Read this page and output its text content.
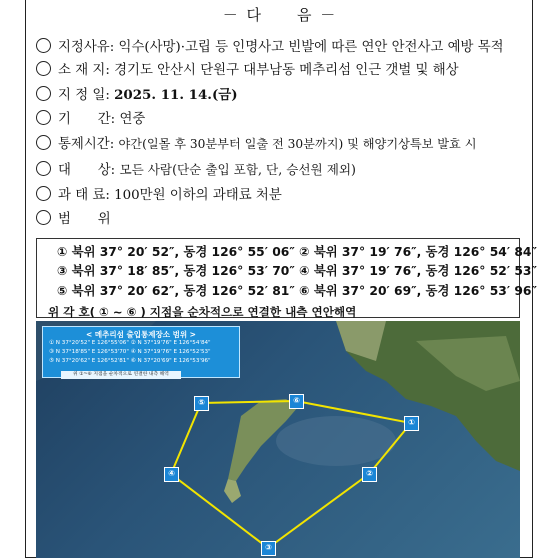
－ 다　　음 －
지정사유: 익수(사망)·고립 등 인명사고 빈발에 따른 연안 안전사고 예방 목적
소 재 지: 경기도 안산시 단원구 대부남동 메추리섬 인근 갯벌 및 해상
지 정 일: 2025. 11. 14.(금)
기　　간: 연중
통제시간: 야간(일몰 후 30분부터 일출 전 30분까지) 및 해양기상특보 발효 시
대　　상: 모든 사람(단순 출입 포함, 단, 승선원 제외)
과 태 료: 100만원 이하의 과태료 처분
범　　위
① 북위 37° 20′ 52″, 동경 126° 55′ 06″ ② 북위 37° 19′ 76″, 동경 126° 54′ 84″
③ 북위 37° 18′ 85″, 동경 126° 53′ 70″ ④ 북위 37° 19′ 76″, 동경 126° 52′ 53″
⑤ 북위 37° 20′ 62″, 동경 126° 52′ 81″ ⑥ 북위 37° 20′ 69″, 동경 126° 53′ 96″
위 각 호( ① ~ ⑥ ) 지점을 순차적으로 연결한 내측 연안해역
< 메추리섬 출입통제장소 범위 >
① N 37°20'52" E 126°55'06" ② N 37°19'76" E 126°54'84"
③ N 37°18'85" E 126°53'70" ④ N 37°19'76" E 126°52'53"
⑤ N 37°20'62" E 126°52'81" ⑥ N 37°20'69" E 126°53'96"
위 ①~⑥ 지점을 순차적으로 연결한 내측 해역
①
②
③
④
⑤	⑥
